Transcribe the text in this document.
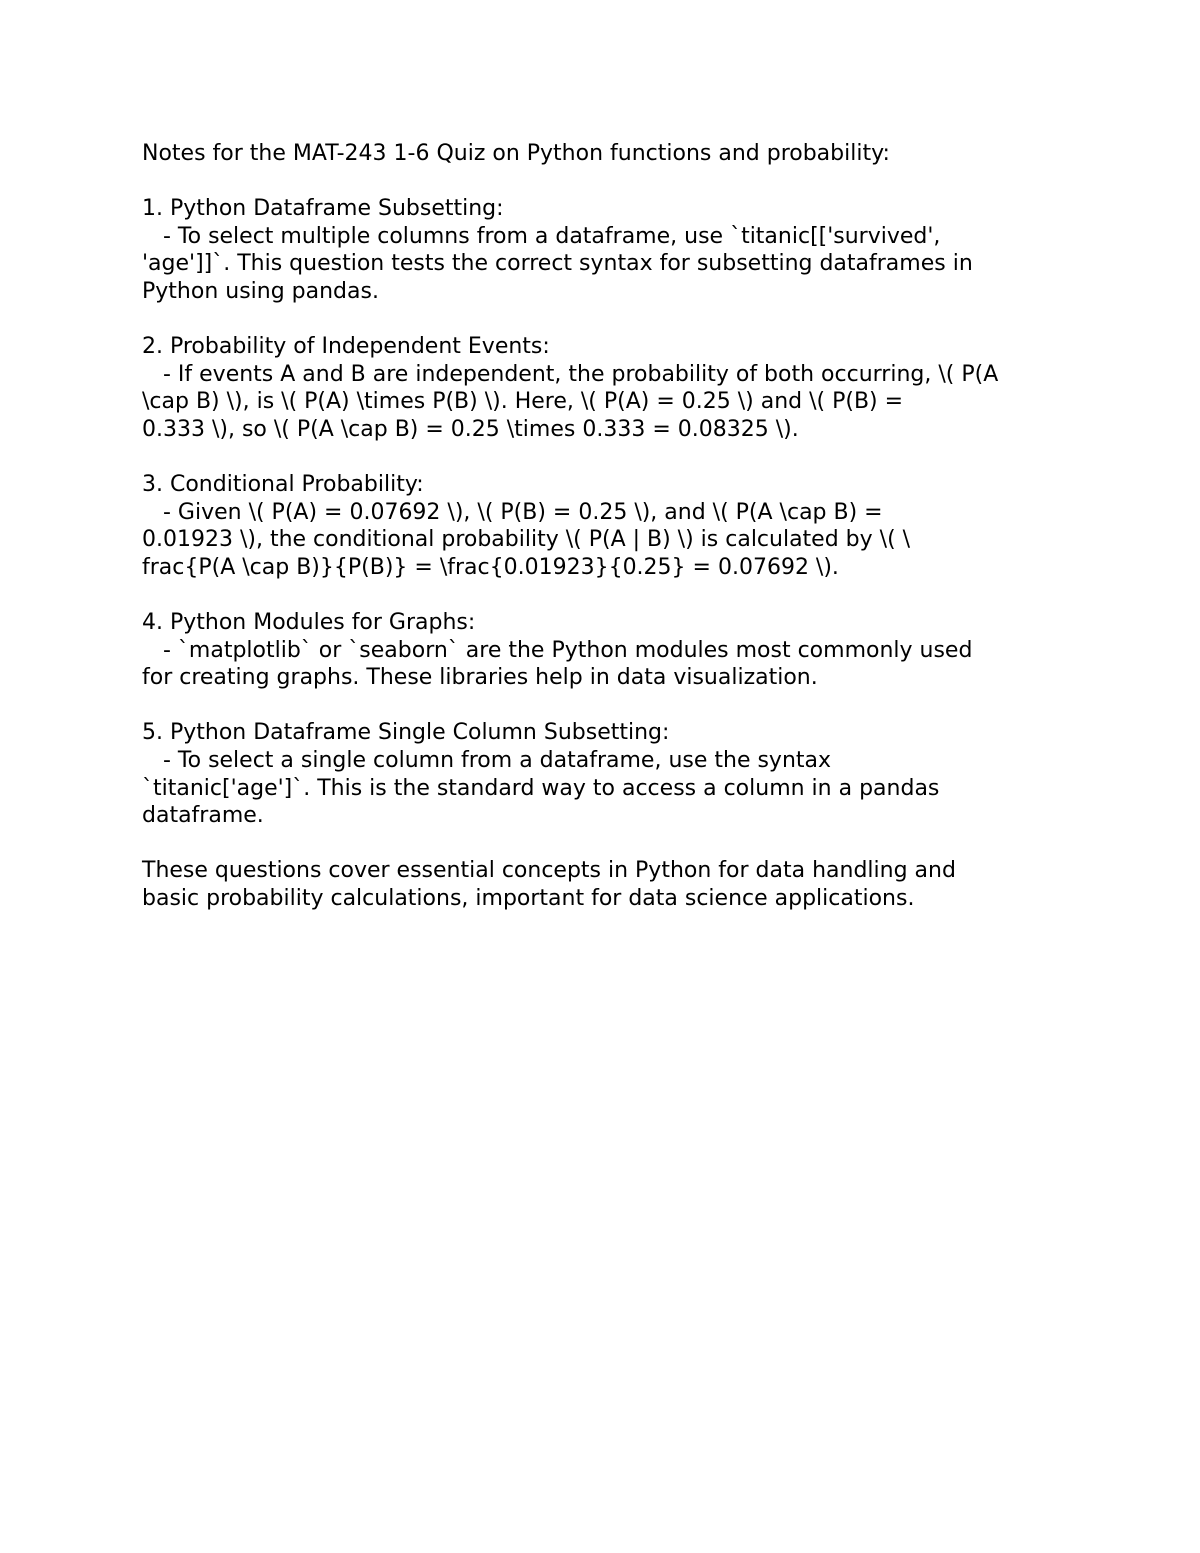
Notes for the MAT-243 1-6 Quiz on Python functions and probability:
1. Python Dataframe Subsetting:
- To select multiple columns from a dataframe, use `titanic[['survived',
'age']]`. This question tests the correct syntax for subsetting dataframes in
Python using pandas.
2. Probability of Independent Events:
- If events A and B are independent, the probability of both occurring, \( P(A
\cap B) \), is \( P(A) \times P(B) \). Here, \( P(A) = 0.25 \) and \( P(B) =
0.333 \), so \( P(A \cap B) = 0.25 \times 0.333 = 0.08325 \).
3. Conditional Probability:
- Given \( P(A) = 0.07692 \), \( P(B) = 0.25 \), and \( P(A \cap B) =
0.01923 \), the conditional probability \( P(A | B) \) is calculated by \( \
frac{P(A \cap B)}{P(B)} = \frac{0.01923}{0.25} = 0.07692 \).
4. Python Modules for Graphs:
- `matplotlib` or `seaborn` are the Python modules most commonly used
for creating graphs. These libraries help in data visualization.
5. Python Dataframe Single Column Subsetting:
- To select a single column from a dataframe, use the syntax
`titanic['age']`. This is the standard way to access a column in a pandas
dataframe.
These questions cover essential concepts in Python for data handling and
basic probability calculations, important for data science applications.
